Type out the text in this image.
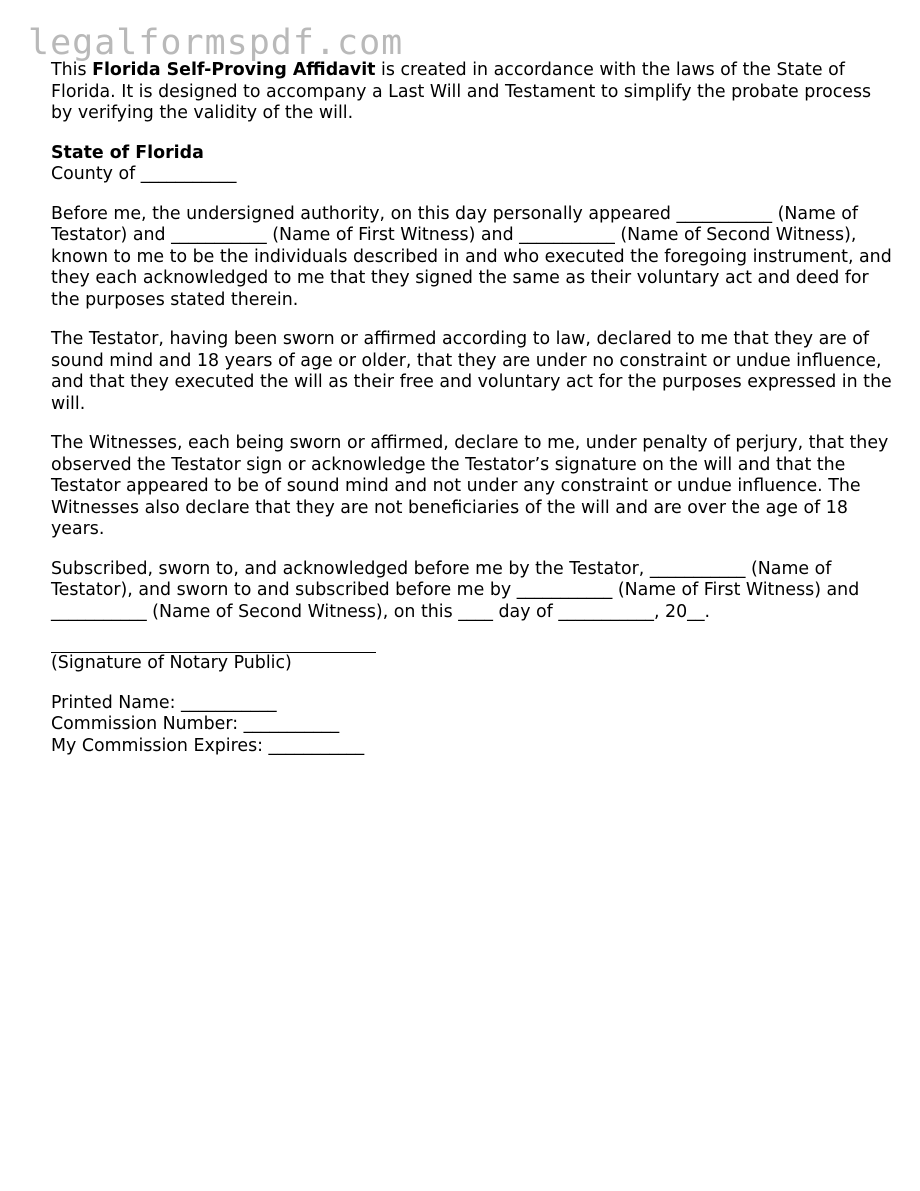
legalformspdf.com

This Florida Self-Proving Affidavit is created in accordance with the laws of the State of Florida. It is designed to accompany a Last Will and Testament to simplify the probate process by verifying the validity of the will.

State of Florida
County of ___________

Before me, the undersigned authority, on this day personally appeared ___________ (Name of Testator) and ___________ (Name of First Witness) and ___________ (Name of Second Witness), known to me to be the individuals described in and who executed the foregoing instrument, and they each acknowledged to me that they signed the same as their voluntary act and deed for the purposes stated therein.

The Testator, having been sworn or affirmed according to law, declared to me that they are of sound mind and 18 years of age or older, that they are under no constraint or undue influence, and that they executed the will as their free and voluntary act for the purposes expressed in the will.

The Witnesses, each being sworn or affirmed, declare to me, under penalty of perjury, that they observed the Testator sign or acknowledge the Testator’s signature on the will and that the Testator appeared to be of sound mind and not under any constraint or undue influence. The Witnesses also declare that they are not beneficiaries of the will and are over the age of 18 years.

Subscribed, sworn to, and acknowledged before me by the Testator, ___________ (Name of Testator), and sworn to and subscribed before me by ___________ (Name of First Witness) and ___________ (Name of Second Witness), on this ____ day of ___________, 20__.

(Signature of Notary Public)
Printed Name: ___________
Commission Number: ___________
My Commission Expires: ___________
